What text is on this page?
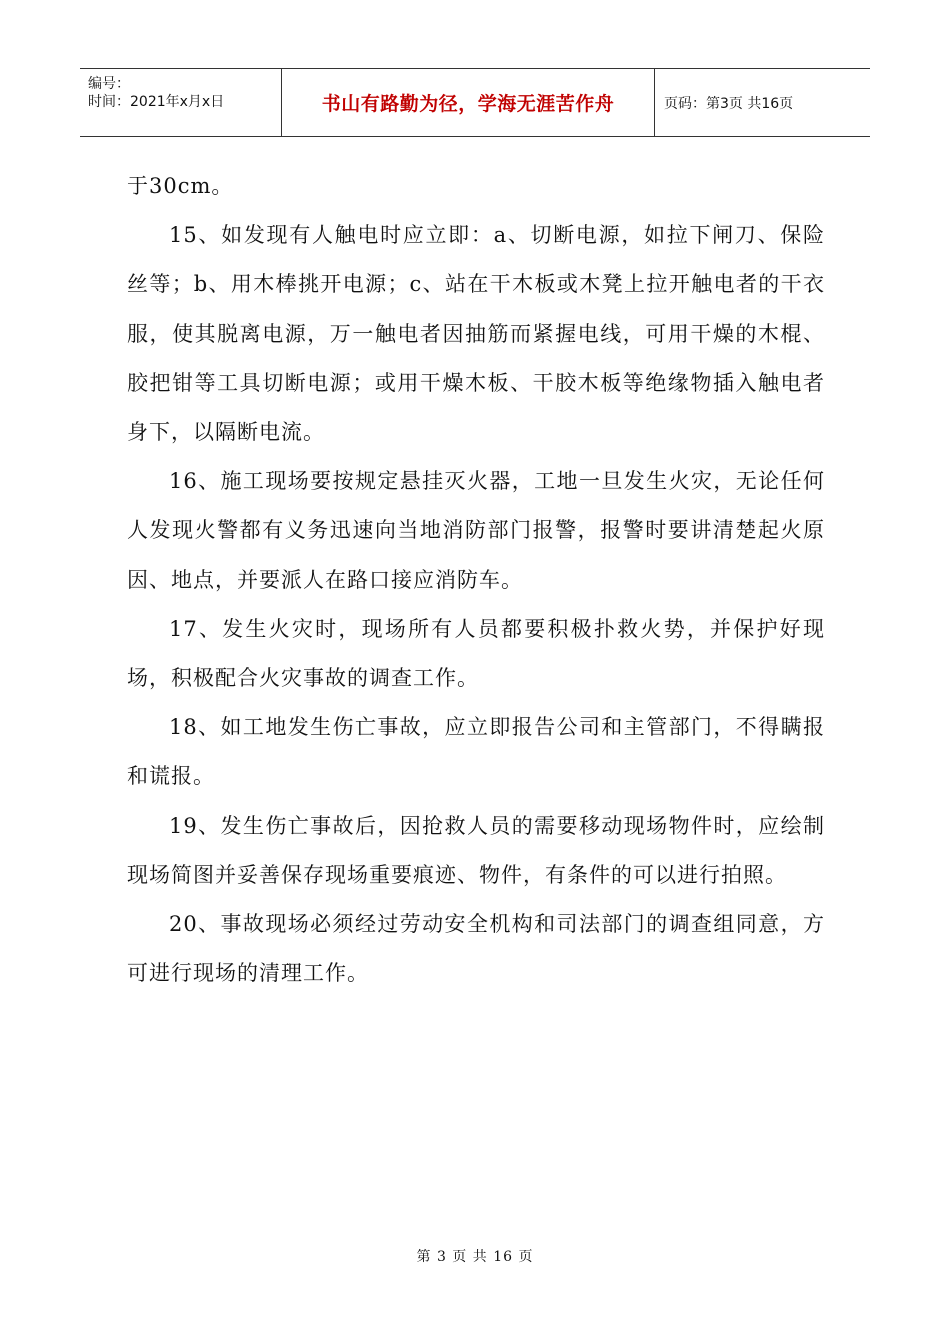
编号：
时间：2021年x月x日	书山有路勤为径，学海无涯苦作舟	页码：第3页 共16页

于30cm。

15、如发现有人触电时应立即：a、切断电源，如拉下闸刀、保险丝等；b、用木棒挑开电源；c、站在干木板或木凳上拉开触电者的干衣服，使其脱离电源，万一触电者因抽筋而紧握电线，可用干燥的木棍、胶把钳等工具切断电源；或用干燥木板、干胶木板等绝缘物插入触电者身下，以隔断电流。

16、施工现场要按规定悬挂灭火器，工地一旦发生火灾，无论任何人发现火警都有义务迅速向当地消防部门报警，报警时要讲清楚起火原因、地点，并要派人在路口接应消防车。

17、发生火灾时，现场所有人员都要积极扑救火势，并保护好现场，积极配合火灾事故的调查工作。

18、如工地发生伤亡事故，应立即报告公司和主管部门，不得瞒报和谎报。

19、发生伤亡事故后，因抢救人员的需要移动现场物件时，应绘制现场简图并妥善保存现场重要痕迹、物件，有条件的可以进行拍照。

20、事故现场必须经过劳动安全机构和司法部门的调查组同意，方可进行现场的清理工作。

第 3 页 共 16 页
